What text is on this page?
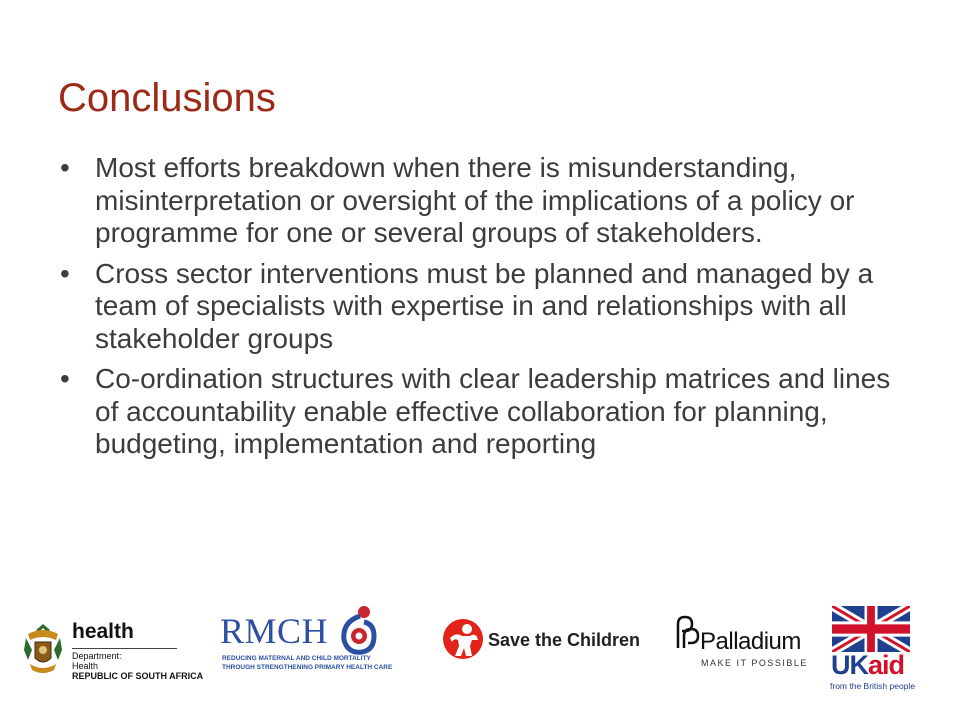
Conclusions
• Most efforts breakdown when there is misunderstanding, misinterpretation or oversight of the implications of a policy or programme for one or several groups of stakeholders.
• Cross sector interventions must be planned and managed by a team of specialists with expertise in and relationships with all stakeholder groups
• Co-ordination structures with clear leadership matrices and lines of accountability enable effective collaboration for planning, budgeting, implementation and reporting
health
Department:
Health
REPUBLIC OF SOUTH AFRICA
RMCH
REDUCING MATERNAL AND CHILD MORTALITY
THROUGH STRENGTHENING PRIMARY HEALTH CARE
Save the Children Palladium
MAKE IT POSSIBLE UKaid
from the British people
